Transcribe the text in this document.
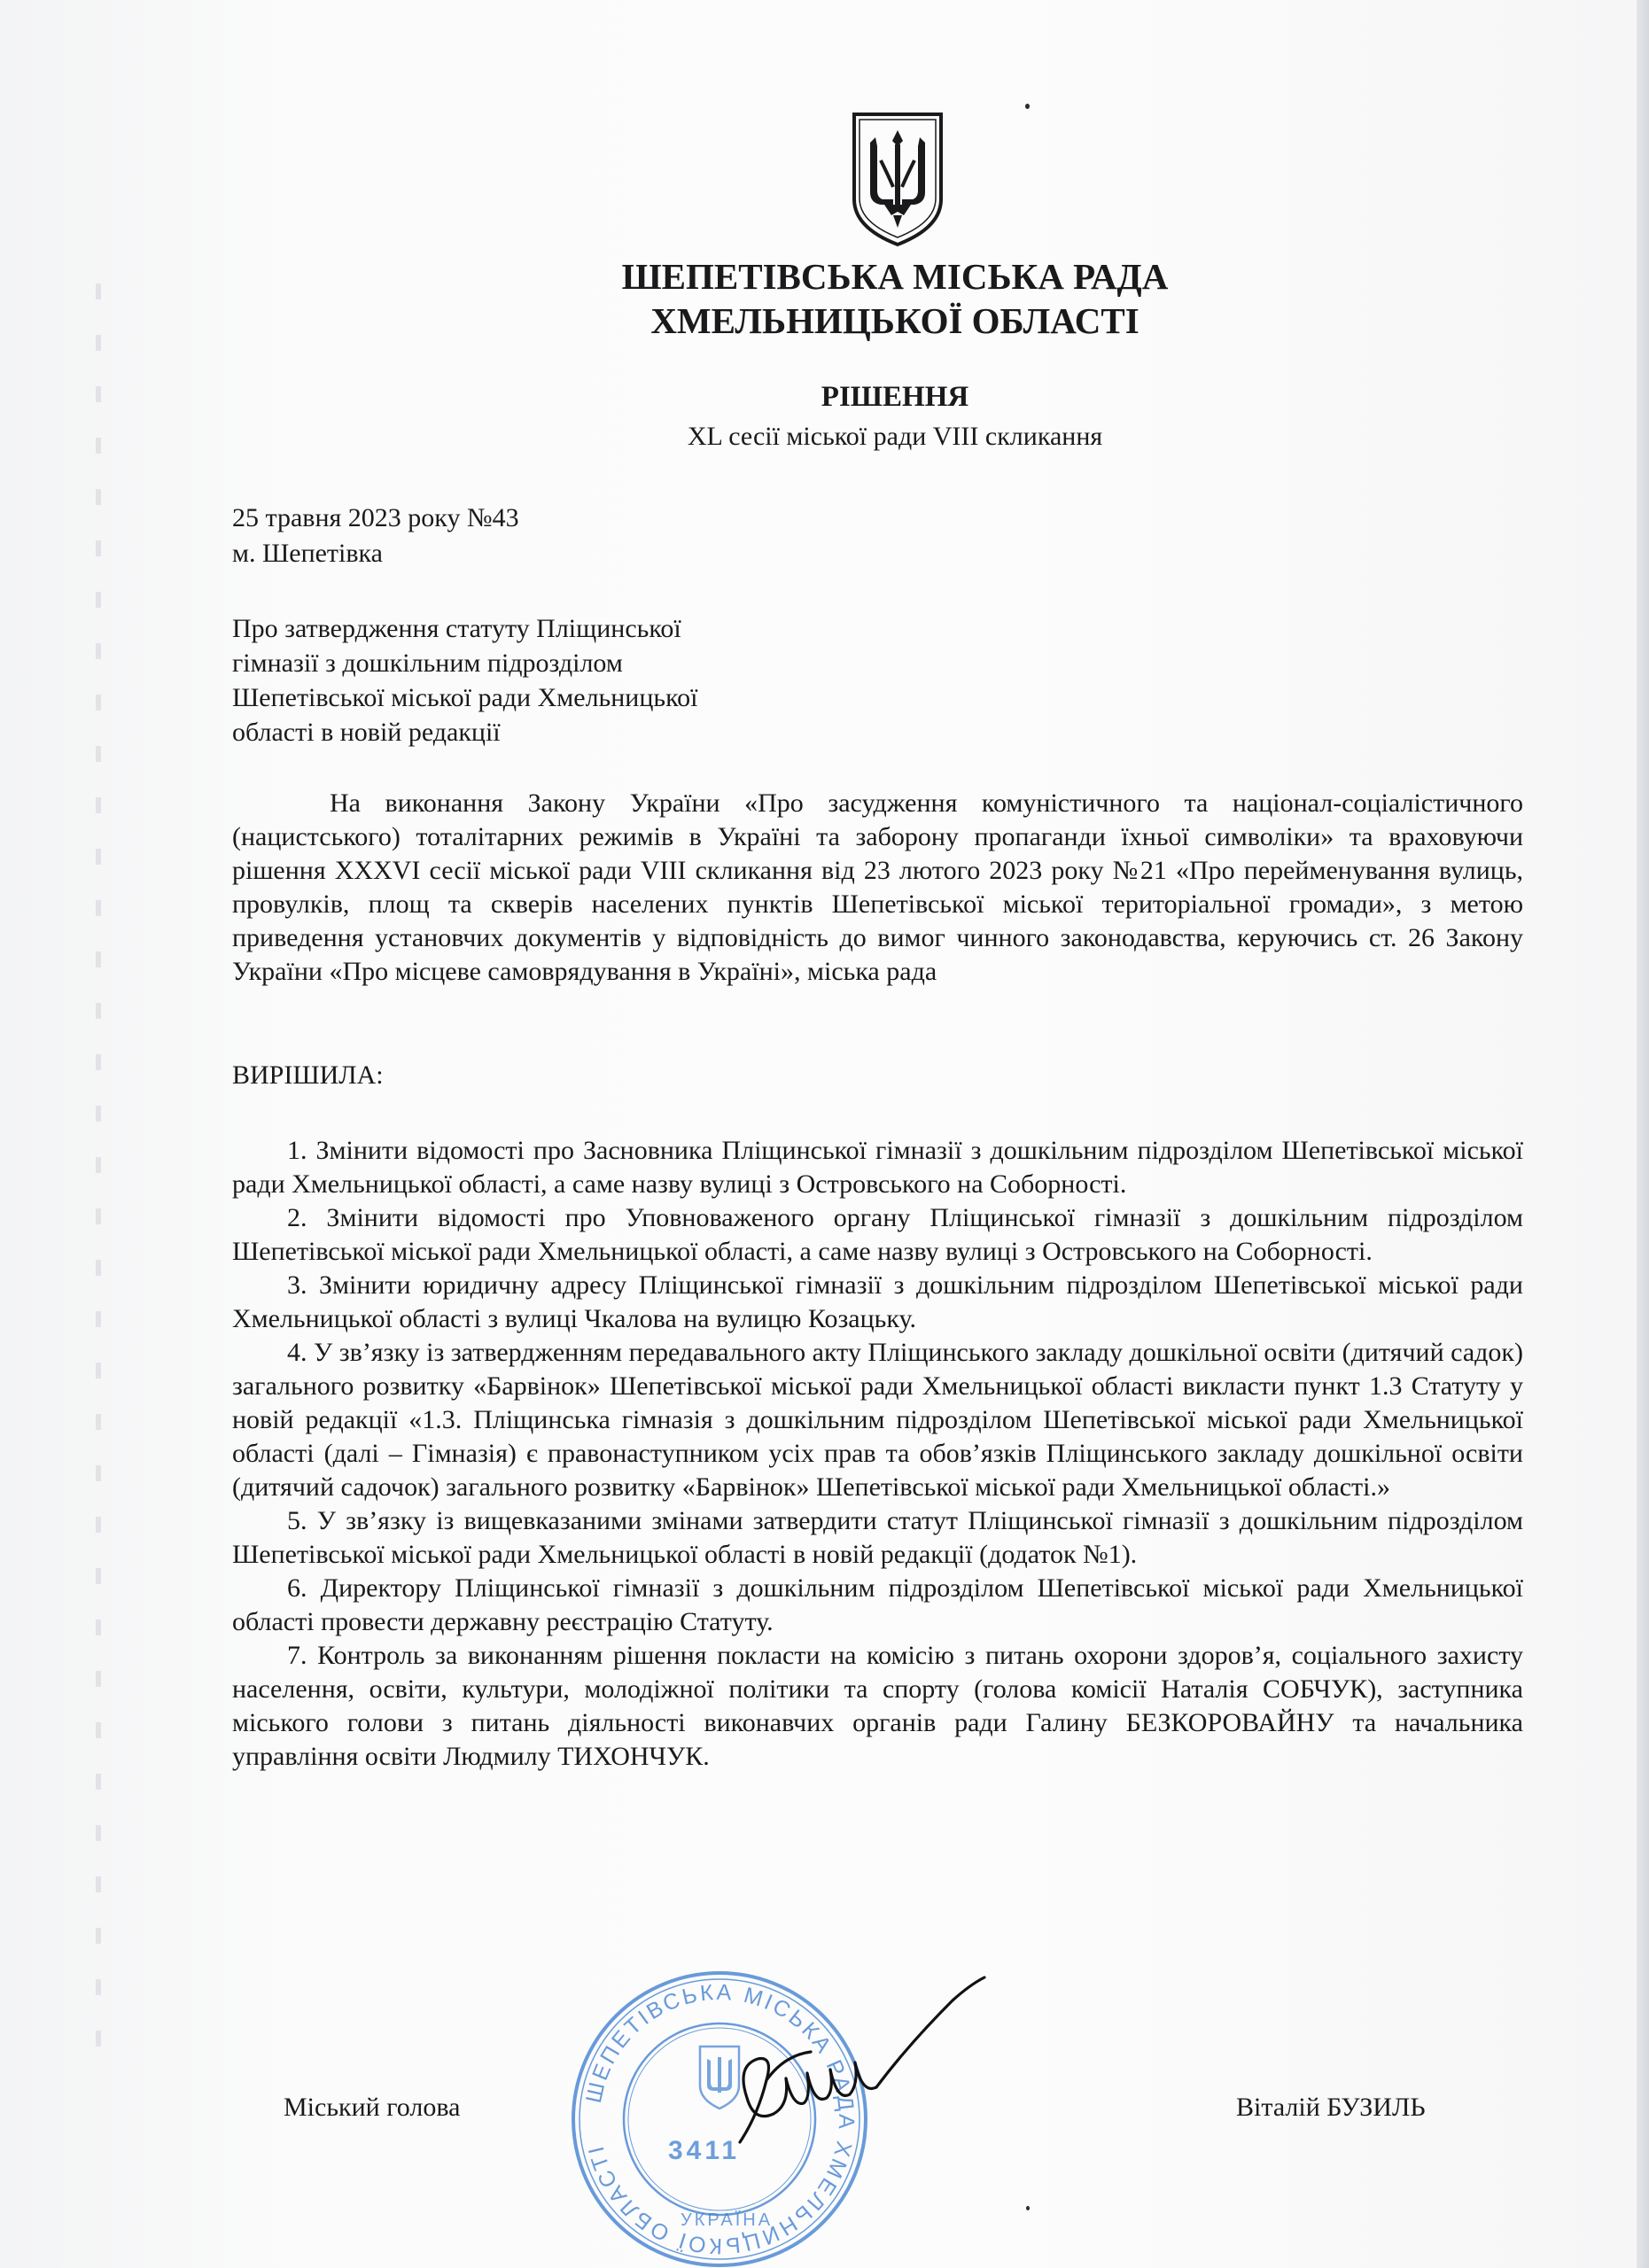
ШЕПЕТІВСЬКА МІСЬКА РАДА
ХМЕЛЬНИЦЬКОЇ ОБЛАСТІ

РІШЕННЯ

XL сесії міської ради VIII скликання

25 травня 2023 року №43

м. Шепетівка

Про затвердження статуту Пліщинської
гімназії з дошкільним підрозділом
Шепетівської міської ради Хмельницької
області в новій редакції

На виконання Закону України «Про засудження комуністичного та націонал-соціалістичного (нацистського) тоталітарних режимів в Україні та заборону пропаганди їхньої символіки» та враховуючи рішення XXXVI сесії міської ради VIII скликання від 23 лютого 2023 року №21 «Про перейменування вулиць, провулків, площ та скверів населених пунктів Шепетівської міської територіальної громади», з метою приведення установчих документів у відповідність до вимог чинного законодавства, керуючись ст. 26 Закону України «Про місцеве самоврядування в Україні», міська рада

ВИРІШИЛА:

1. Змінити відомості про Засновника Пліщинської гімназії з дошкільним підрозділом Шепетівської міської ради Хмельницької області, а саме назву вулиці з Островського на Соборності.
2. Змінити відомості про Уповноваженого органу Пліщинської гімназії з дошкільним підрозділом Шепетівської міської ради Хмельницької області, а саме назву вулиці з Островського на Соборності.
3. Змінити юридичну адресу Пліщинської гімназії з дошкільним підрозділом Шепетівської міської ради Хмельницької області з вулиці Чкалова на вулицю Козацьку.
4. У зв’язку із затвердженням передавального акту Пліщинського закладу дошкільної освіти (дитячий садок) загального розвитку «Барвінок» Шепетівської міської ради Хмельницької області викласти пункт 1.3 Статуту у новій редакції «1.3. Пліщинська гімназія з дошкільним підрозділом Шепетівської міської ради Хмельницької області (далі – Гімназія) є правонаступником усіх прав та обов’язків Пліщинського закладу дошкільної освіти (дитячий садочок) загального розвитку «Барвінок» Шепетівської міської ради Хмельницької області.»
5. У зв’язку із вищевказаними змінами затвердити статут Пліщинської гімназії з дошкільним підрозділом Шепетівської міської ради Хмельницької області в новій редакції (додаток №1).
6. Директору Пліщинської гімназії з дошкільним підрозділом Шепетівської міської ради Хмельницької області провести державну реєстрацію Статуту.
7. Контроль за виконанням рішення покласти на комісію з питань охорони здоров’я, соціального захисту населення, освіти, культури, молодіжної політики та спорту (голова комісії Наталія СОБЧУК), заступника міського голови з питань діяльності виконавчих органів ради Галину БЕЗКОРОВАЙНУ та начальника управління освіти Людмилу ТИХОНЧУК.
ШЕПЕТІВСЬКА МІСЬКА РАДА ХМЕЛЬНИЦЬКОЇ ОБЛАСТІ	3411
УКРАЇНА

Міський голова	Віталій БУЗИЛЬ
